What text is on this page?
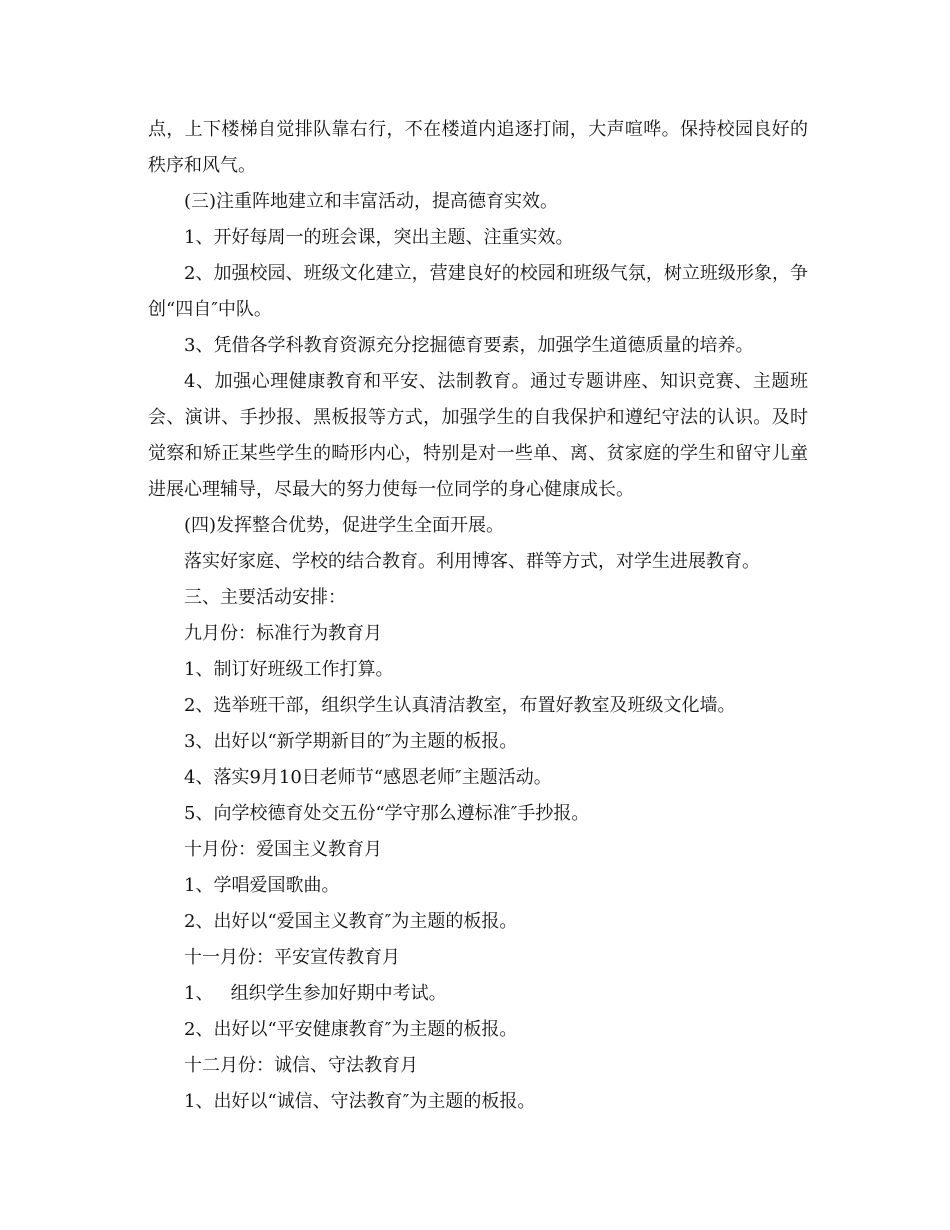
点，上下楼梯自觉排队靠右行，不在楼道内追逐打闹，大声喧哗。保持校园良好的秩序和风气。

(三)注重阵地建立和丰富活动，提高德育实效。

1、开好每周一的班会课，突出主题、注重实效。

2、加强校园、班级文化建立，营建良好的校园和班级气氛，树立班级形象，争创“四自″中队。

3、凭借各学科教育资源充分挖掘德育要素，加强学生道德质量的培养。

4、加强心理健康教育和平安、法制教育。通过专题讲座、知识竞赛、主题班会、演讲、手抄报、黑板报等方式，加强学生的自我保护和遵纪守法的认识。及时觉察和矫正某些学生的畸形内心，特别是对一些单、离、贫家庭的学生和留守儿童进展心理辅导，尽最大的努力使每一位同学的身心健康成长。

(四)发挥整合优势，促进学生全面开展。

落实好家庭、学校的结合教育。利用博客、群等方式，对学生进展教育。

三、主要活动安排：

九月份：标准行为教育月

1、制订好班级工作打算。

2、选举班干部，组织学生认真清洁教室，布置好教室及班级文化墙。

3、出好以“新学期新目的″为主题的板报。

4、落实9月10日老师节“感恩老师″主题活动。

5、向学校德育处交五份“学守那么遵标准″手抄报。

十月份：爱国主义教育月

1、学唱爱国歌曲。

2、出好以“爱国主义教育″为主题的板报。

十一月份：平安宣传教育月

1、   组织学生参加好期中考试。

2、出好以“平安健康教育″为主题的板报。

十二月份：诚信、守法教育月

1、出好以“诚信、守法教育″为主题的板报。
